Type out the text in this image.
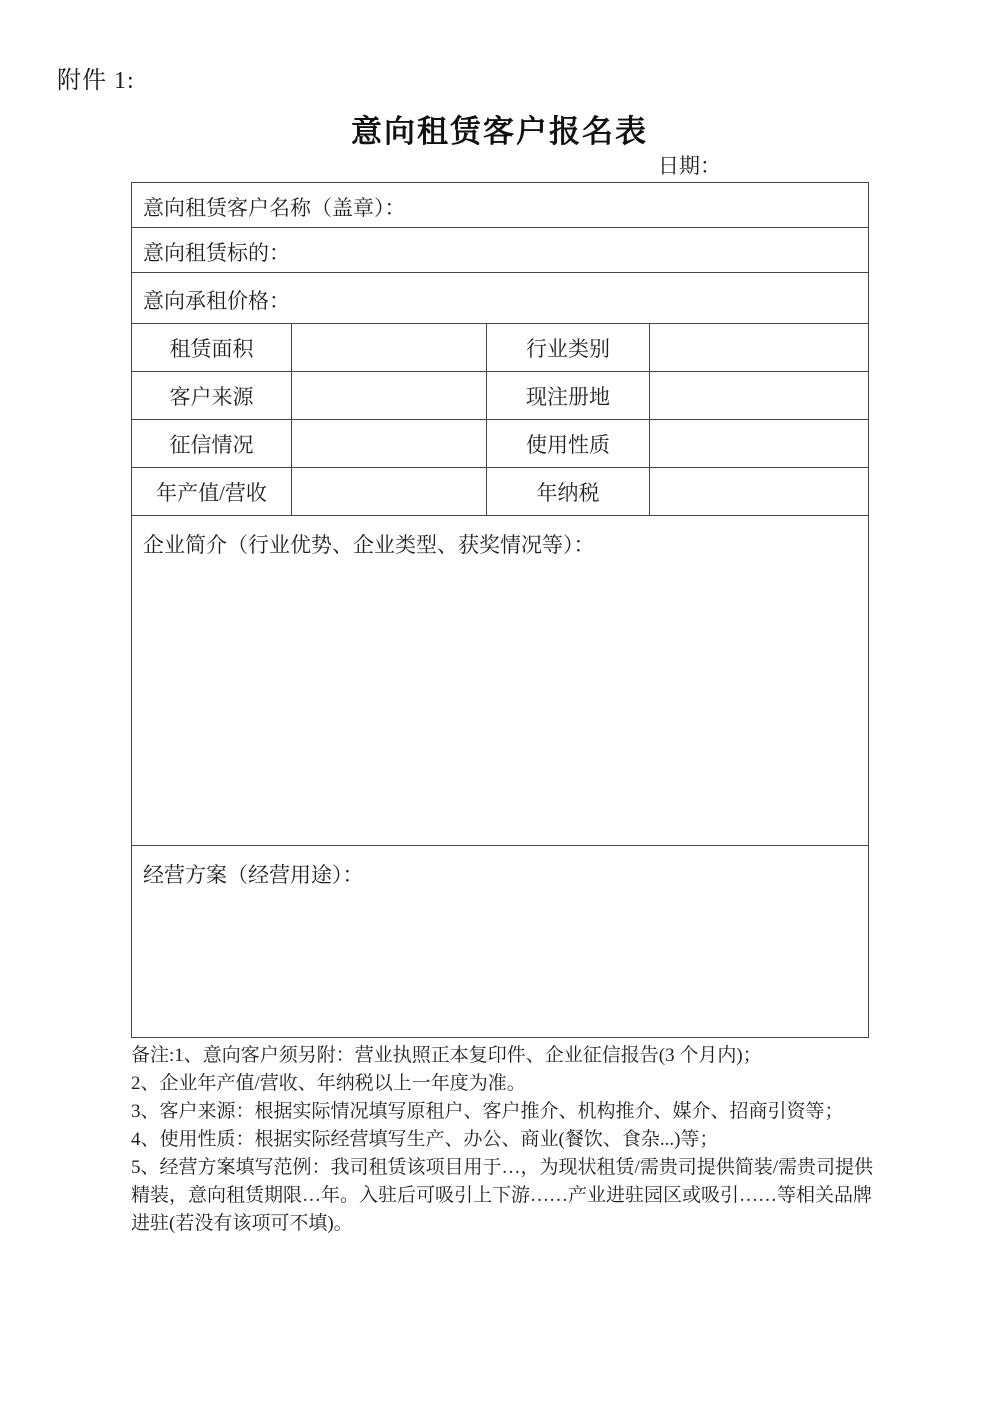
附件 1:
意向租赁客户报名表
日期：
意向租赁客户名称（盖章）：			
意向租赁标的：			
意向承租价格：			
租赁面积		行业类别	
客户来源		现注册地	
征信情况		使用性质	
年产值/营收		年纳税	
企业简介（行业优势、企业类型、获奖情况等）：			
经营方案（经营用途）：			

备注:1、意向客户须另附：营业执照正本复印件、企业征信报告(3 个月内)；

2、企业年产值/营收、年纳税以上一年度为准。

3、客户来源：根据实际情况填写原租户、客户推介、机构推介、媒介、招商引资等；

4、使用性质：根据实际经营填写生产、办公、商业(餐饮、食杂...)等；

5、经营方案填写范例：我司租赁该项目用于…，为现状租赁/需贵司提供简装/需贵司提供精装，意向租赁期限…年。入驻后可吸引上下游……产业进驻园区或吸引……等相关品牌进驻(若没有该项可不填)。
